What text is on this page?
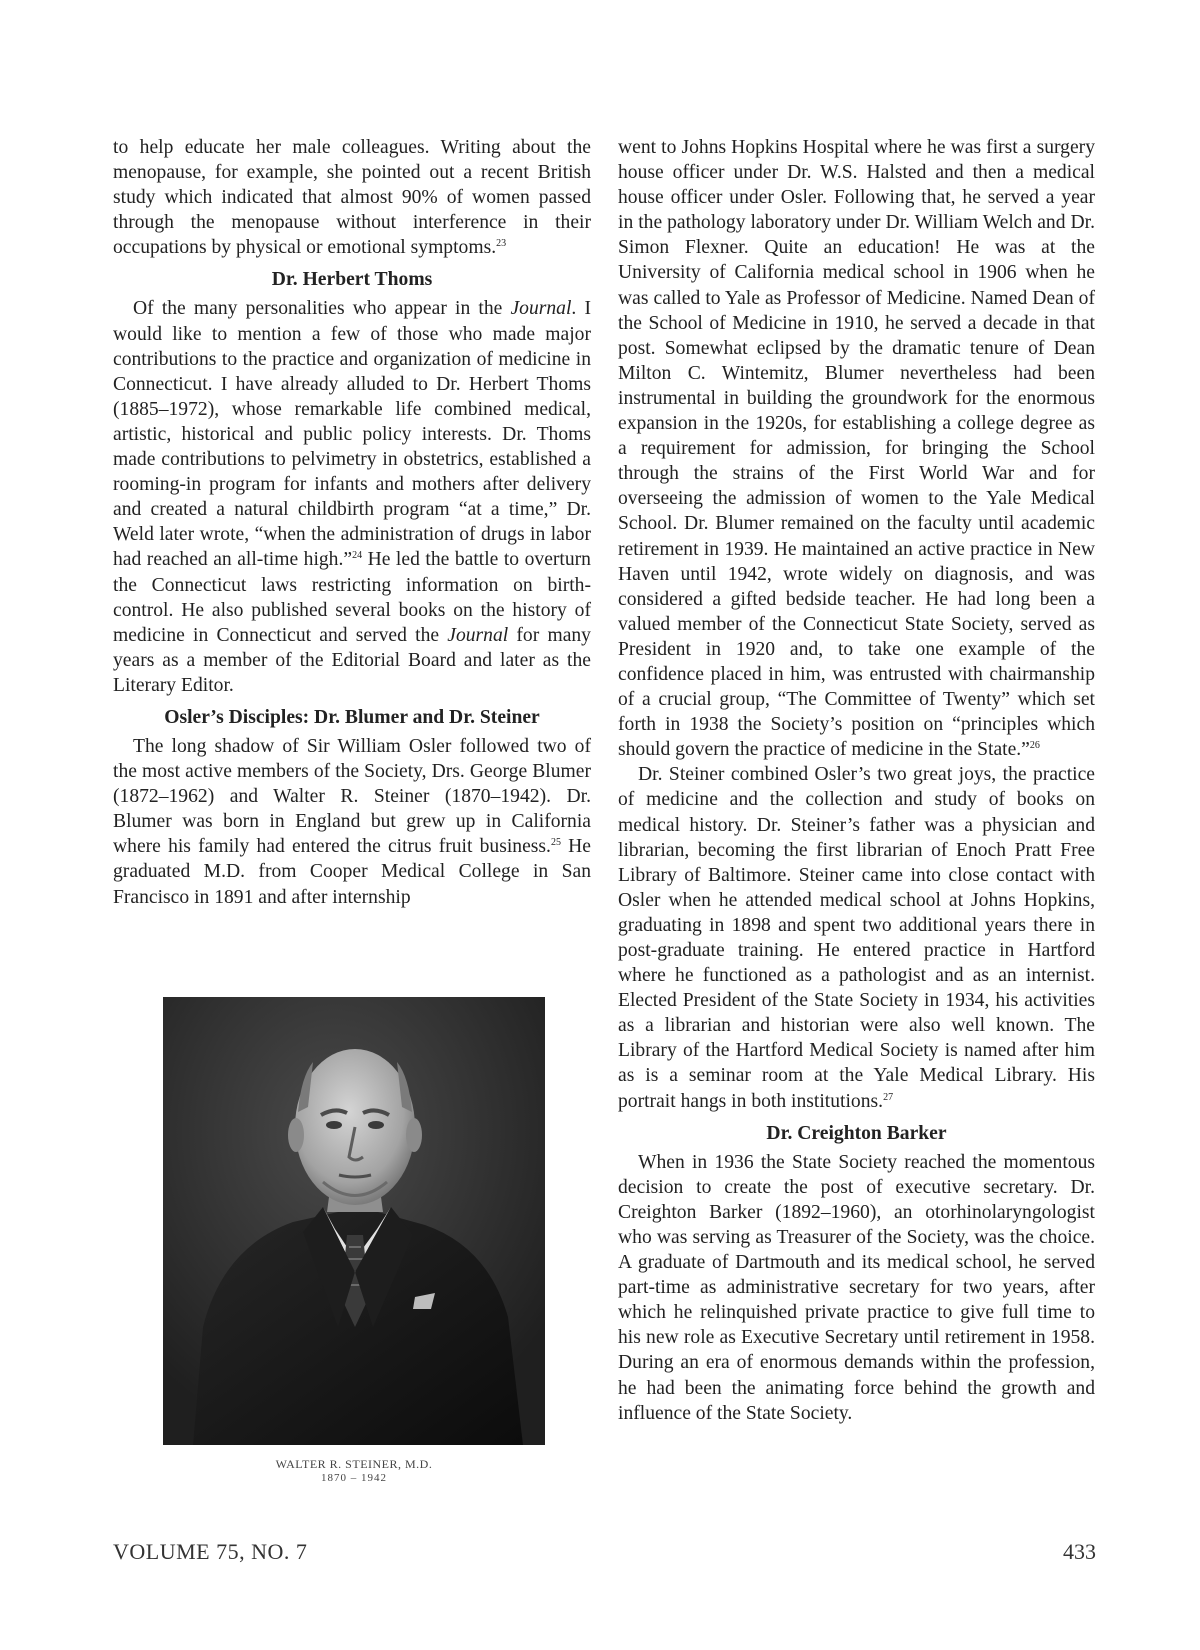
to help educate her male colleagues. Writing about the menopause, for example, she pointed out a recent British study which indicated that almost 90% of women passed through the menopause without interference in their occupations by physical or emotional symptoms.$^{23}$

Dr. Herbert Thoms

Of the many personalities who appear in the Journal. I would like to mention a few of those who made major contributions to the practice and organization of medicine in Connecticut. I have already alluded to Dr. Herbert Thoms (1885–1972), whose remarkable life combined medical, artistic, historical and public policy interests. Dr. Thoms made contributions to pelvimetry in obstetrics, established a rooming-in program for infants and mothers after delivery and created a natural childbirth program “at a time,” Dr. Weld later wrote, “when the administration of drugs in labor had reached an all-time high.”$^{24}$ He led the battle to overturn the Connecticut laws restricting information on birth-control. He also published several books on the history of medicine in Connecticut and served the Journal for many years as a member of the Editorial Board and later as the Literary Editor.

Osler’s Disciples: Dr. Blumer and Dr. Steiner

The long shadow of Sir William Osler followed two of the most active members of the Society, Drs. George Blumer (1872–1962) and Walter R. Steiner (1870–1942). Dr. Blumer was born in England but grew up in California where his family had entered the citrus fruit business.$^{25}$ He graduated M.D. from Cooper Medical College in San Francisco in 1891 and after internship

WALTER R. STEINER, M.D.
1870 – 1942

went to Johns Hopkins Hospital where he was first a surgery house officer under Dr. W.S. Halsted and then a medical house officer under Osler. Following that, he served a year in the pathology laboratory under Dr. William Welch and Dr. Simon Flexner. Quite an education! He was at the University of California medical school in 1906 when he was called to Yale as Professor of Medicine. Named Dean of the School of Medicine in 1910, he served a decade in that post. Somewhat eclipsed by the dramatic tenure of Dean Milton C. Wintemitz, Blumer nevertheless had been instrumental in building the groundwork for the enormous expansion in the 1920s, for establishing a college degree as a requirement for admission, for bringing the School through the strains of the First World War and for overseeing the admission of women to the Yale Medical School. Dr. Blumer remained on the faculty until academic retirement in 1939. He maintained an active practice in New Haven until 1942, wrote widely on diagnosis, and was considered a gifted bedside teacher. He had long been a valued member of the Connecticut State Society, served as President in 1920 and, to take one example of the confidence placed in him, was entrusted with chairmanship of a crucial group, “The Committee of Twenty” which set forth in 1938 the Society’s position on “principles which should govern the practice of medicine in the State.”$^{26}$

Dr. Steiner combined Osler’s two great joys, the practice of medicine and the collection and study of books on medical history. Dr. Steiner’s father was a physician and librarian, becoming the first librarian of Enoch Pratt Free Library of Baltimore. Steiner came into close contact with Osler when he attended medical school at Johns Hopkins, graduating in 1898 and spent two additional years there in post-graduate training. He entered practice in Hartford where he functioned as a pathologist and as an internist. Elected President of the State Society in 1934, his activities as a librarian and historian were also well known. The Library of the Hartford Medical Society is named after him as is a seminar room at the Yale Medical Library. His portrait hangs in both institutions.$^{27}$

Dr. Creighton Barker

When in 1936 the State Society reached the momentous decision to create the post of executive secretary. Dr. Creighton Barker (1892–1960), an otorhinolaryngologist who was serving as Treasurer of the Society, was the choice. A graduate of Dartmouth and its medical school, he served part-time as administrative secretary for two years, after which he relinquished private practice to give full time to his new role as Executive Secretary until retirement in 1958. During an era of enormous demands within the profession, he had been the animating force behind the growth and influence of the State Society.

VOLUME 75, NO. 7	433
